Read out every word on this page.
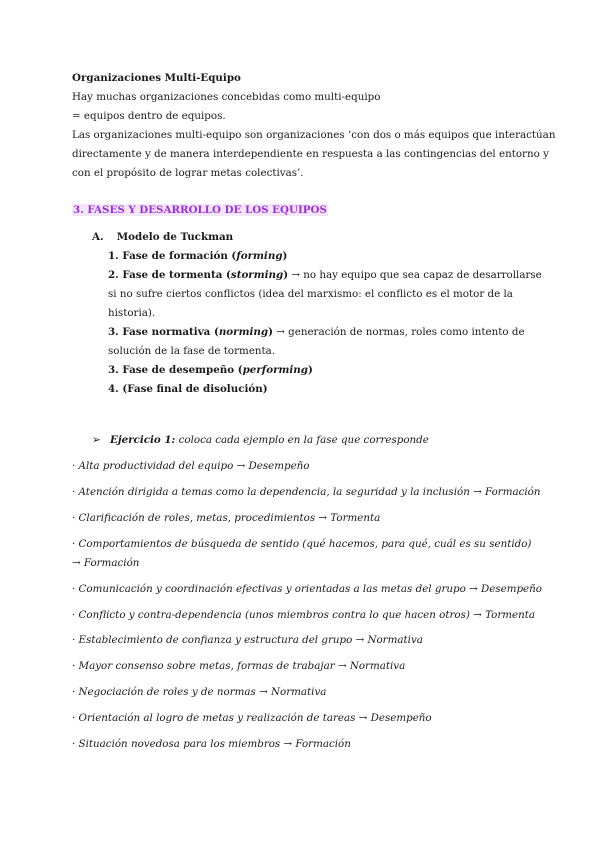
Organizaciones Multi-Equipo
Hay muchas organizaciones concebidas como multi-equipo
= equipos dentro de equipos.
Las organizaciones multi-equipo son organizaciones ‘con dos o más equipos que interactúan
directamente y de manera interdependiente en respuesta a las contingencias del entorno y
con el propósito de lograr metas colectivas’.
3. FASES Y DESARROLLO DE LOS EQUIPOS
A. Modelo de Tuckman
1. Fase de formación (forming)
2. Fase de tormenta (storming) → no hay equipo que sea capaz de desarrollarse
si no sufre ciertos conflictos (idea del marxismo: el conflicto es el motor de la
historia).
3. Fase normativa (norming) → generación de normas, roles como intento de
solución de la fase de tormenta.
3. Fase de desempeño (performing)
4. (Fase final de disolución)
➢ Ejercicio 1: coloca cada ejemplo en la fase que corresponde
· Alta productividad del equipo → Desempeño
· Atención dirigida a temas como la dependencia, la seguridad y la inclusión → Formación
· Clarificación de roles, metas, procedimientos → Tormenta
· Comportamientos de búsqueda de sentido (qué hacemos, para qué, cuál es su sentido)
→ Formación
· Comunicación y coordinación efectivas y orientadas a las metas del grupo → Desempeño
· Conflicto y contra-dependencia (unos miembros contra lo que hacen otros) → Tormenta
· Establecimiento de confianza y estructura del grupo → Normativa
· Mayor consenso sobre metas, formas de trabajar → Normativa
· Negociación de roles y de normas → Normativa
· Orientación al logro de metas y realización de tareas → Desempeño
· Situación novedosa para los miembros → Formación
